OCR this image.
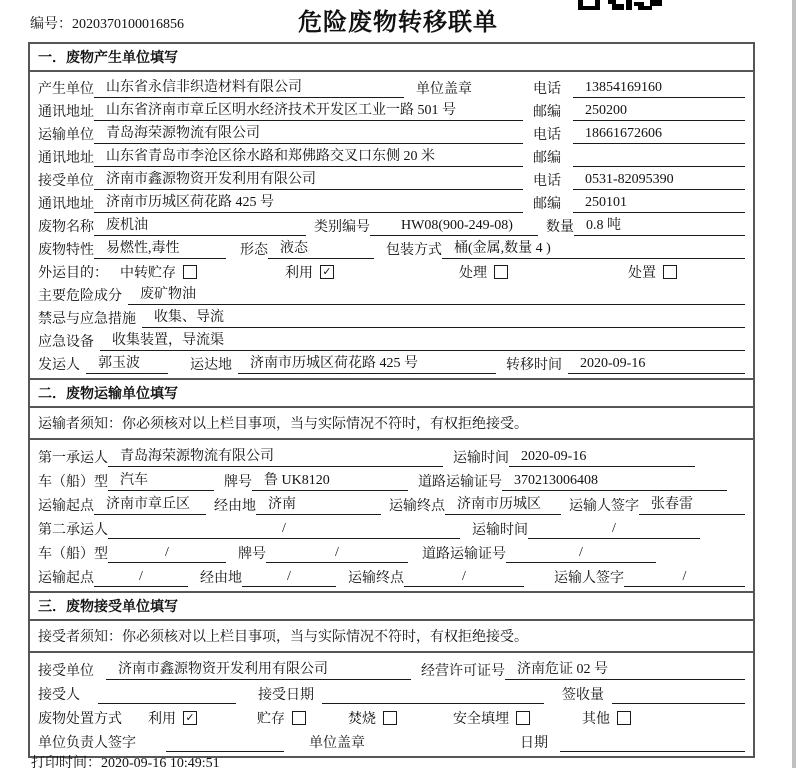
编号：2020370100016856	危险废物转移联单
一．废物产生单位填写
产生单位 山东省永信非织造材料有限公司	单位盖章	电话	13854169160
通讯地址 山东省济南市章丘区明水经济技术开发区工业一路 501 号	邮编	250200
运输单位 青岛海荣源物流有限公司	电话	18661672606
通讯地址 山东省青岛市李沧区徐水路和郑佛路交叉口东侧 20 米	邮编
接受单位 济南市鑫源物资开发利用有限公司	电话	0531-82095390
通讯地址 济南市历城区荷花路 425 号	邮编	250101
废物名称 废机油	类别编号	HW08(900-249-08)	数量 0.8 吨
废物特性 易燃性,毒性	形态 液态	包装方式 桶(金属,数量 4 )
外运目的： 中转贮存	利用 ✓	处理	处置
主要危险成分	废矿物油
禁忌与应急措施	收集、导流
应急设备	收集装置，导流渠
发运人	郭玉波	运达地	济南市历城区荷花路 425 号	转移时间	2020-09-16
二．废物运输单位填写
运输者须知：你必须核对以上栏目事项，当与实际情况不符时，有权拒绝接受。
第一承运人 青岛海荣源物流有限公司	运输时间 2020-09-16
车（船）型 汽车	牌号 鲁 UK8120	道路运输证号 370213006408
运输起点 济南市章丘区	经由地 济南	运输终点 济南市历城区	运输人签字 张春雷
第二承运人	/	运输时间	/
车（船）型	/	牌号	/	道路运输证号	/
运输起点	/	经由地	/	运输终点	/	运输人签字	/
三．废物接受单位填写
接受者须知：你必须核对以上栏目事项，当与实际情况不符时，有权拒绝接受。
接受单位	济南市鑫源物资开发利用有限公司	经营许可证号 济南危证 02 号
接受人	接受日期	签收量
废物处置方式 利用 ✓	贮存	焚烧	安全填埋	其他
单位负责人签字	单位盖章	日期
打印时间：2020-09-16 10:49:51
